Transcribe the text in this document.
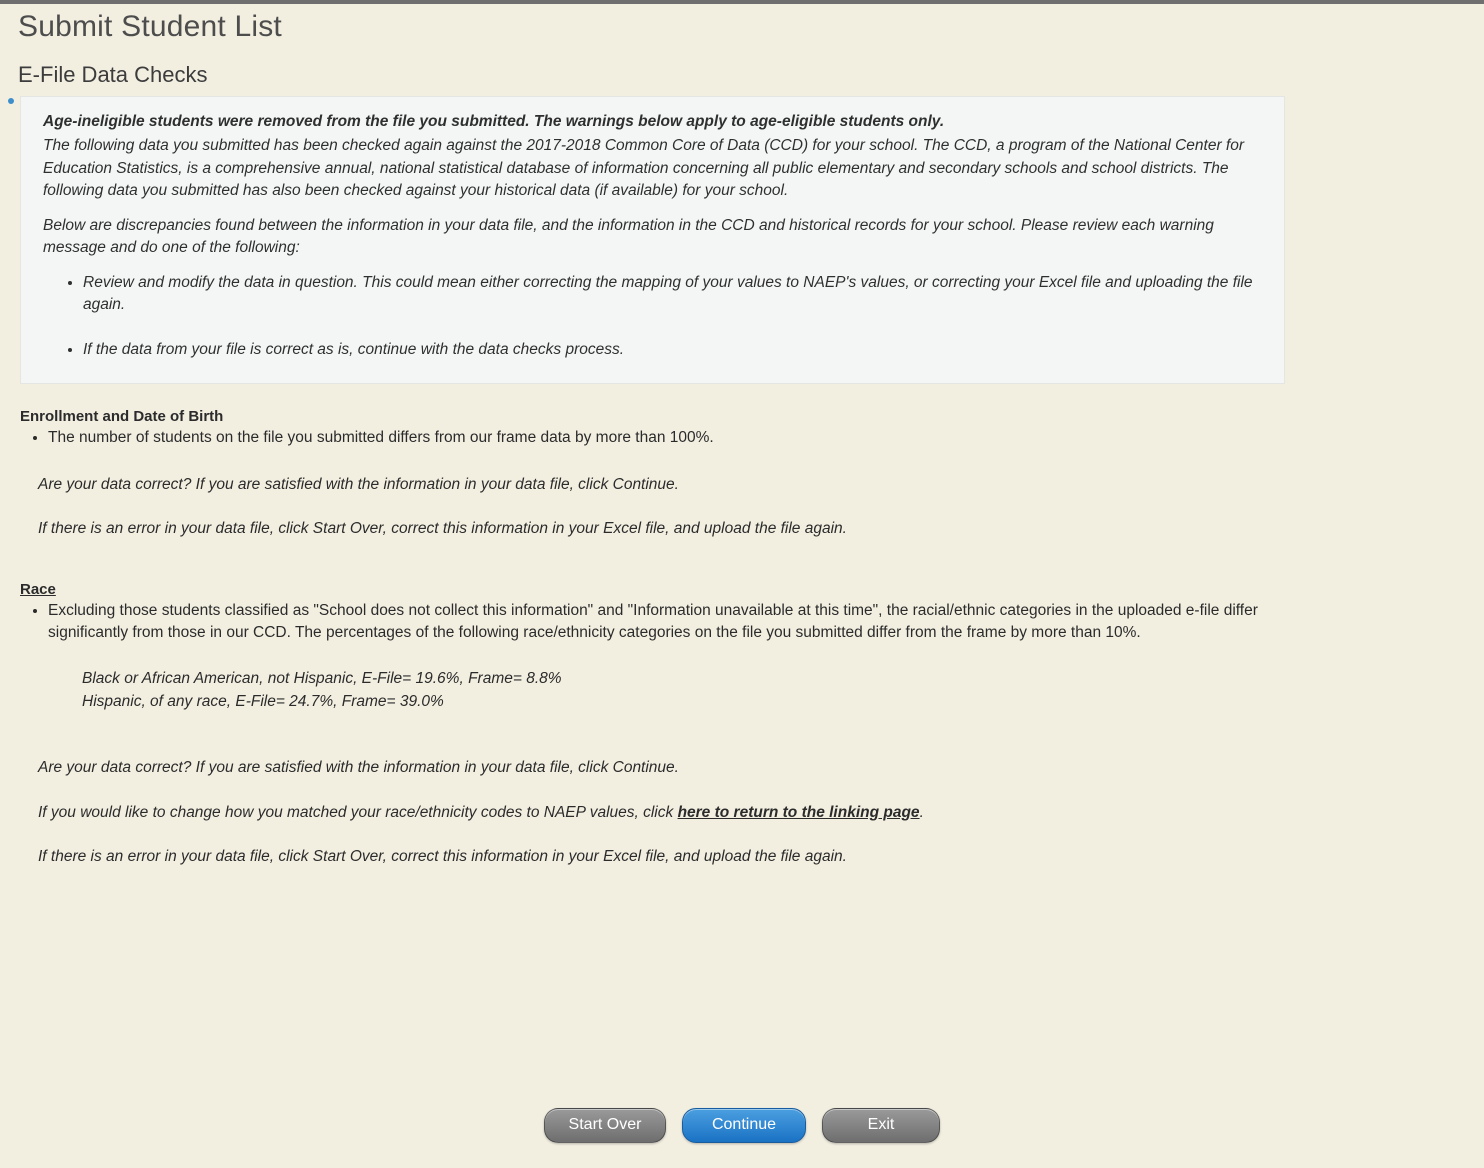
Submit Student List
E-File Data Checks

Age-ineligible students were removed from the file you submitted. The warnings below apply to age-eligible students only.

The following data you submitted has been checked again against the 2017-2018 Common Core of Data (CCD) for your school. The CCD, a program of the National Center for Education Statistics, is a comprehensive annual, national statistical database of information concerning all public elementary and secondary schools and school districts. The following data you submitted has also been checked against your historical data (if available) for your school.

Below are discrepancies found between the information in your data file, and the information in the CCD and historical records for your school. Please review each warning message and do one of the following:

• Review and modify the data in question. This could mean either correcting the mapping of your values to NAEP's values, or correcting your Excel file and uploading the file again.
• If the data from your file is correct as is, continue with the data checks process.
Enrollment and Date of Birth
• The number of students on the file you submitted differs from our frame data by more than 100%.
Are your data correct? If you are satisfied with the information in your data file, click Continue.
If there is an error in your data file, click Start Over, correct this information in your Excel file, and upload the file again.
Race
• Excluding those students classified as "School does not collect this information" and "Information unavailable at this time", the racial/ethnic categories in the uploaded e-file differ significantly from those in our CCD. The percentages of the following race/ethnicity categories on the file you submitted differ from the frame by more than 10%.
Black or African American, not Hispanic, E-File= 19.6%, Frame= 8.8%
Hispanic, of any race, E-File= 24.7%, Frame= 39.0%
Are your data correct? If you are satisfied with the information in your data file, click Continue.
If you would like to change how you matched your race/ethnicity codes to NAEP values, click here to return to the linking page.
If there is an error in your data file, click Start Over, correct this information in your Excel file, and upload the file again.
Start Over	Continue	Exit
